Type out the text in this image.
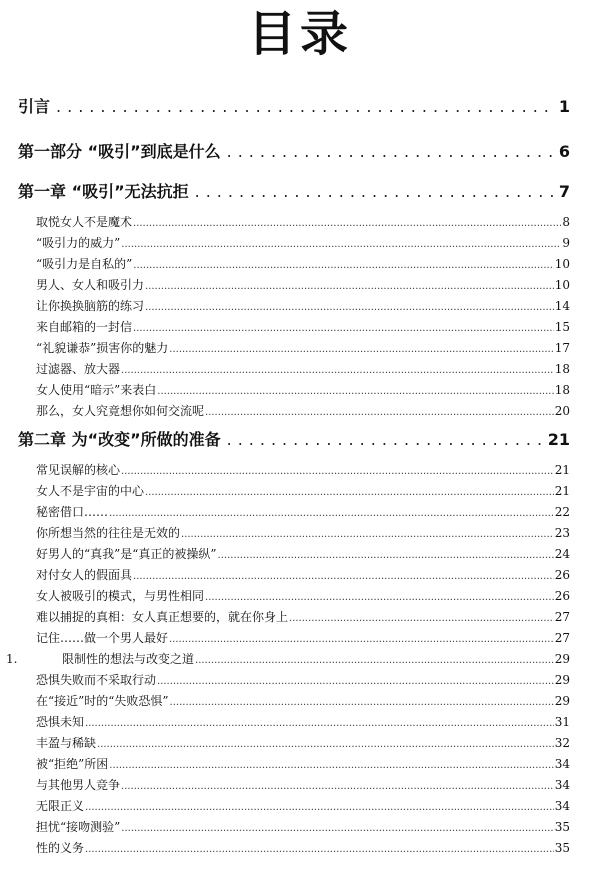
目录
引言 .....	1
第一部分 “吸引”到底是什么 .....	6
第一章 “吸引”无法抗拒 .....	7
取悦女人不是魔术 .....	8
“吸引力的威力” .....	9
“吸引力是自私的” .....	10
男人、女人和吸引力 .....	10
让你换换脑筋的练习 .....	14
来自邮箱的一封信 .....	15
“礼貌谦恭”损害你的魅力 .....	17
过滤器、放大器 .....	18
女人使用“暗示”来表白 .....	18
那么，女人究竟想你如何交流呢 .....	20
第二章 为“改变”所做的准备 .....	21
常见误解的核心 .....	21
女人不是宇宙的中心 .....	21
秘密借口…… .....	22
你所想当然的往往是无效的 .....	23
好男人的“真我”是“真正的被操纵” .....	24
对付女人的假面具 .....	26
女人被吸引的模式，与男性相同 .....	26
难以捕捉的真相：女人真正想要的，就在你身上 .....	27
记住……做一个男人最好 .....	27
1.	限制性的想法与改变之道 .....	29
恐惧失败而不采取行动 .....	29
在“接近”时的“失败恐惧” .....	29
恐惧未知 .....	31
丰盈与稀缺 .....	32
被“拒绝”所困 .....	34
与其他男人竞争 .....	34
无限正义 .....	34
担忧“接吻测验” .....	35
性的义务 .....	35
